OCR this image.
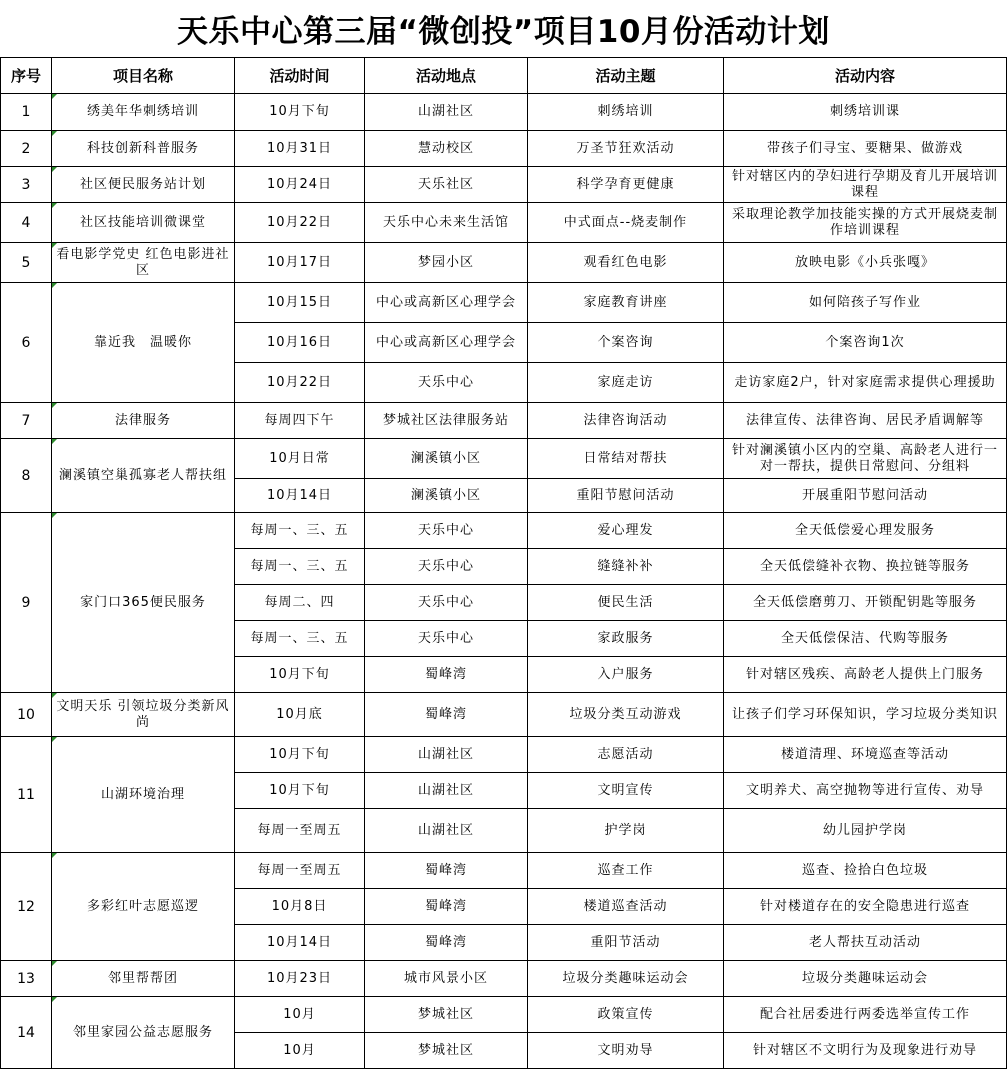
天乐中心第三届“微创投”项目10月份活动计划
序号	项目名称	活动时间	活动地点	活动主题	活动内容
1	绣美年华刺绣培训	10月下旬	山湖社区	刺绣培训	刺绣培训课
2	科技创新科普服务	10月31日	慧动校区	万圣节狂欢活动	带孩子们寻宝、要糖果、做游戏
3	社区便民服务站计划	10月24日	天乐社区	科学孕育更健康	针对辖区内的孕妇进行孕期及育儿开展培训课程
4	社区技能培训微课堂	10月22日	天乐中心未来生活馆	中式面点--烧麦制作	采取理论教学加技能实操的方式开展烧麦制作培训课程
5	看电影学党史 红色电影进社区	10月17日	梦园小区	观看红色电影	放映电影《小兵张嘎》
6	靠近我　温暖你	10月15日	中心或高新区心理学会	家庭教育讲座	如何陪孩子写作业
		10月16日	中心或高新区心理学会	个案咨询	个案咨询1次
		10月22日	天乐中心	家庭走访	走访家庭2户，针对家庭需求提供心理援助
7	法律服务	每周四下午	梦城社区法律服务站	法律咨询活动	法律宣传、法律咨询、居民矛盾调解等
8	澜溪镇空巢孤寡老人帮扶组	10月日常	澜溪镇小区	日常结对帮扶	针对澜溪镇小区内的空巢、高龄老人进行一对一帮扶，提供日常慰问、分组料
		10月14日	澜溪镇小区	重阳节慰问活动	开展重阳节慰问活动
9	家门口365便民服务	每周一、三、五	天乐中心	爱心理发	全天低偿爱心理发服务
		每周一、三、五	天乐中心	缝缝补补	全天低偿缝补衣物、换拉链等服务
		每周二、四	天乐中心	便民生活	全天低偿磨剪刀、开锁配钥匙等服务
		每周一、三、五	天乐中心	家政服务	全天低偿保洁、代购等服务
		10月下旬	蜀峰湾	入户服务	针对辖区残疾、高龄老人提供上门服务
10	文明天乐 引领垃圾分类新风尚	10月底	蜀峰湾	垃圾分类互动游戏	让孩子们学习环保知识，学习垃圾分类知识
11	山湖环境治理	10月下旬	山湖社区	志愿活动	楼道清理、环境巡查等活动
		10月下旬	山湖社区	文明宣传	文明养犬、高空抛物等进行宣传、劝导
		每周一至周五	山湖社区	护学岗	幼儿园护学岗
12	多彩红叶志愿巡逻	每周一至周五	蜀峰湾	巡查工作	巡查、捡拾白色垃圾
		10月8日	蜀峰湾	楼道巡查活动	针对楼道存在的安全隐患进行巡查
		10月14日	蜀峰湾	重阳节活动	老人帮扶互动活动
13	邻里帮帮团	10月23日	城市风景小区	垃圾分类趣味运动会	垃圾分类趣味运动会
14	邻里家园公益志愿服务	10月	梦城社区	政策宣传	配合社居委进行两委选举宣传工作
		10月	梦城社区	文明劝导	针对辖区不文明行为及现象进行劝导
